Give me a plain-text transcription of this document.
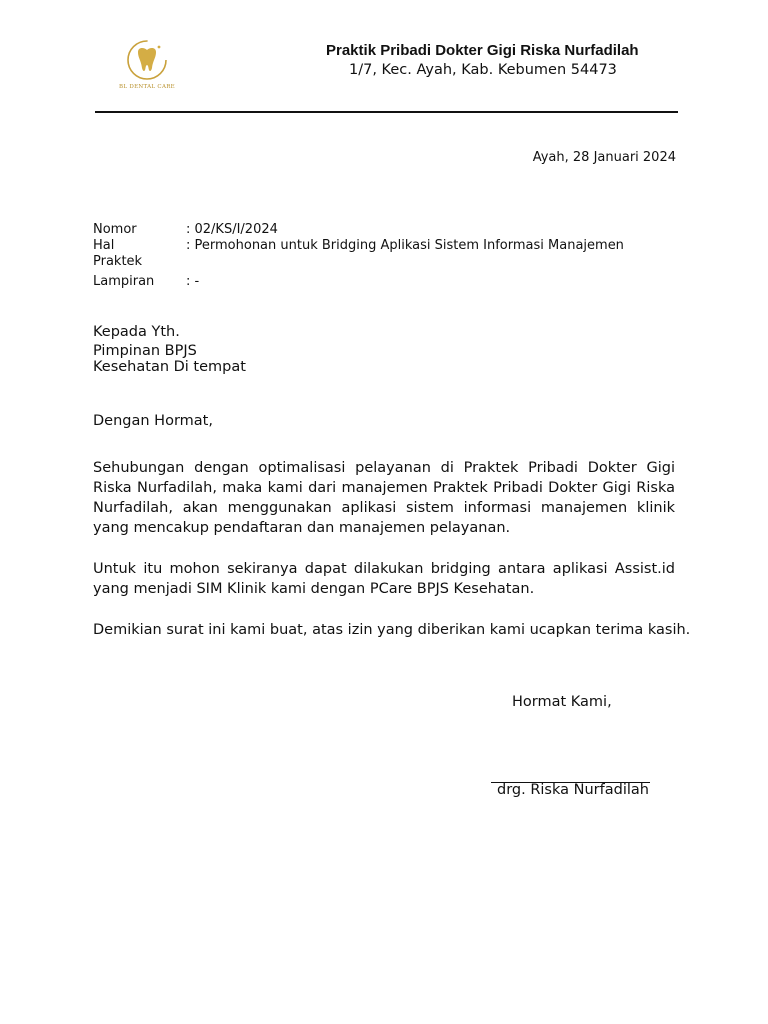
BL DENTAL CARE
Praktik Pribadi Dokter Gigi Riska Nurfadilah
1/7, Kec. Ayah, Kab. Kebumen 54473
Ayah, 28 Januari 2024
Nomor	: 02/KS/I/2024
Hal	: Permohonan untuk Bridging Aplikasi Sistem Informasi Manajemen
Praktek
Lampiran : -
Kepada Yth.
Pimpinan BPJS
Kesehatan Di tempat
Dengan Hormat,
Sehubungan dengan optimalisasi pelayanan di Praktek Pribadi Dokter Gigi Riska Nurfadilah, maka kami dari manajemen Praktek Pribadi Dokter Gigi Riska Nurfadilah, akan menggunakan aplikasi sistem informasi manajemen klinik yang mencakup pendaftaran dan manajemen pelayanan.
Untuk itu mohon sekiranya dapat dilakukan bridging antara aplikasi Assist.id yang menjadi SIM Klinik kami dengan PCare BPJS Kesehatan.
Demikian surat ini kami buat, atas izin yang diberikan kami ucapkan terima kasih.
Hormat Kami,
drg. Riska Nurfadilah
